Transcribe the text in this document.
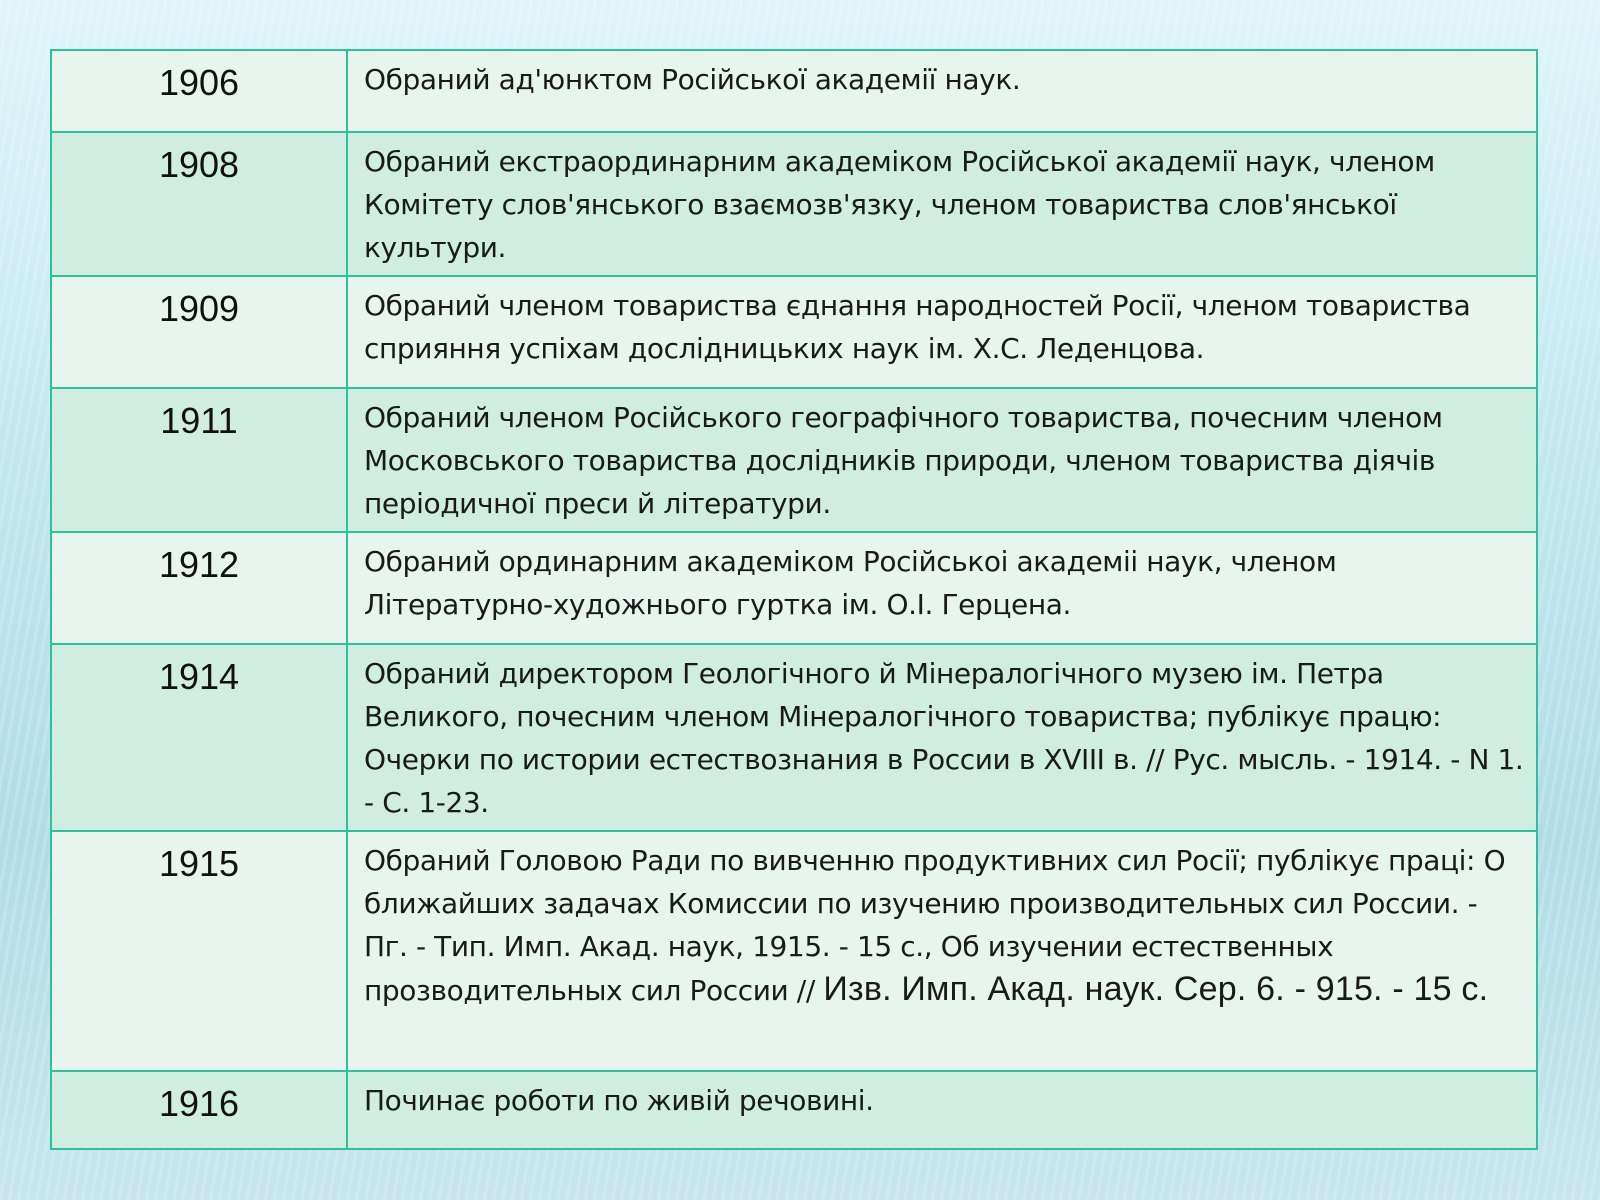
1906	Обраний ад'юнктом Російської академії наук.
1908	Обраний екстраординарним академіком Російської академії наук, членом Комітету слов'янського взаємозв'язку, членом товариства слов'янської культури.
1909	Обраний членом товариства єднання народностей Росії, членом товариства сприяння успіхам дослідницьких наук ім. Х.С. Леденцова.
1911	Обраний членом Російського географічного товариства, почесним членом Московського товариства дослідників природи, членом товариства діячів періодичної преси й літератури.
1912	Обраний ординарним академіком Російськоі академіі наук, членом Літературно-художнього гуртка ім. О.І. Герцена.
1914	Обраний директором Геологічного й Мінералогічного музею ім. Петра Великого, почесним членом Мінералогічного товариства; публікує працю: Очерки по истории естествознания в России в XVIII в. // Рус. мысль. - 1914. - N 1. - С. 1-23.
1915	Обраний Головою Ради по вивченню продуктивних сил Росії; публікує праці: О ближайших задачах Комиссии по изучению производительных сил России. - Пг. - Тип. Имп. Акад. наук, 1915. - 15 с., Об изучении естественных прозводительных сил России // Изв. Имп. Акад. наук. Сер. 6. - 915. - 15 с.
1916	Починає роботи по живій речовині.
